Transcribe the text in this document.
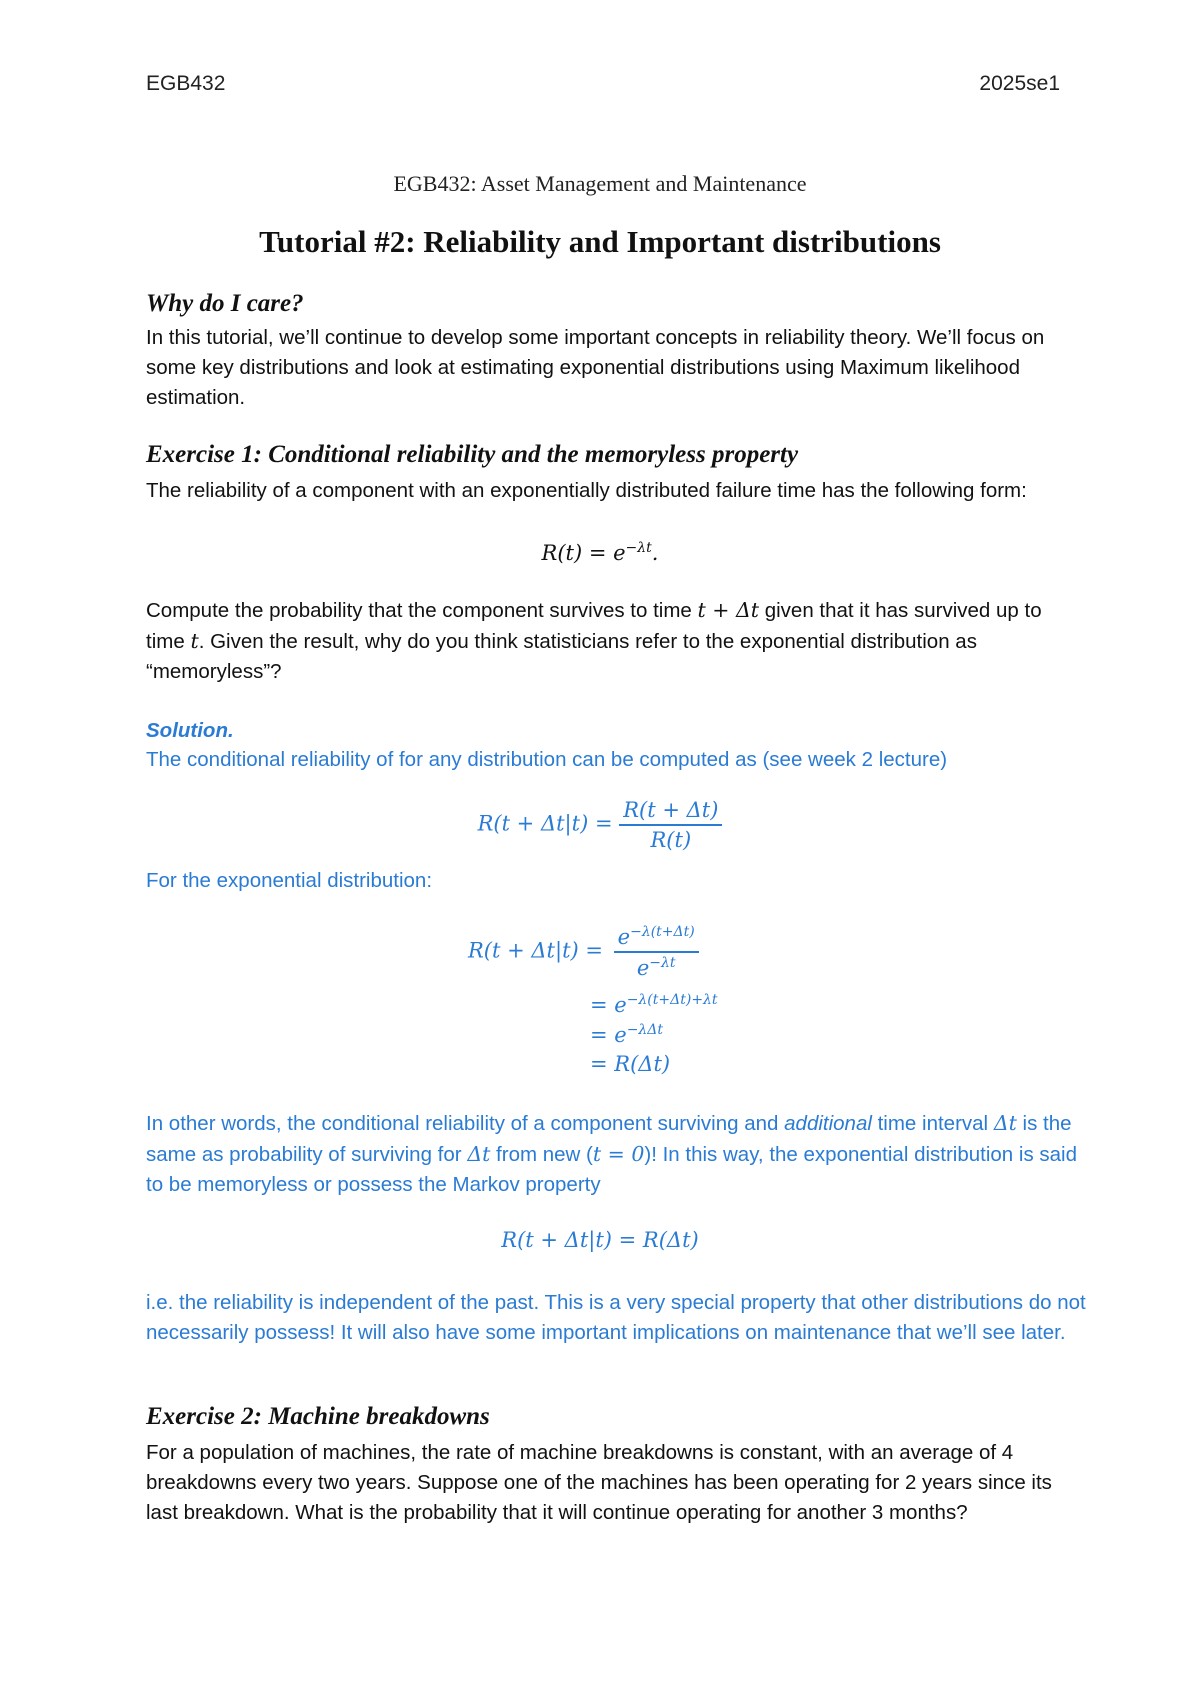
EGB432	2025se1
EGB432: Asset Management and Maintenance
Tutorial #2: Reliability and Important distributions
Why do I care?
In this tutorial, we’ll continue to develop some important concepts in reliability theory. We’ll focus on some key distributions and look at estimating exponential distributions using Maximum likelihood estimation.
Exercise 1: Conditional reliability and the memoryless property
The reliability of a component with an exponentially distributed failure time has the following form:
$R(t) = e^{-\lambda t}$.
Compute the probability that the component survives to time t + Δt given that it has survived up to time t. Given the result, why do you think statisticians refer to the exponential distribution as “memoryless”?
Solution.
The conditional reliability of for any distribution can be computed as (see week 2 lecture)
$R(t + \Delta t|t) = \frac{R(t + \Delta t)}{R(t)}$
For the exponential distribution:
$R(t + \Delta t|t) = \frac{e^{-\lambda(t+\Delta t)}}{e^{-\lambda t}}$
= $e^{-\lambda(t+\Delta t)+\lambda t}$
= $e^{-\lambda\Delta t}$
= R(Δt)
In other words, the conditional reliability of a component surviving and additional time interval Δt is the same as probability of surviving for Δt from new (t = 0)! In this way, the exponential distribution is said to be memoryless or possess the Markov property
R(t + Δt|t) = R(Δt)
i.e. the reliability is independent of the past. This is a very special property that other distributions do not necessarily possess! It will also have some important implications on maintenance that we’ll see later.
Exercise 2: Machine breakdowns
For a population of machines, the rate of machine breakdowns is constant, with an average of 4 breakdowns every two years. Suppose one of the machines has been operating for 2 years since its last breakdown. What is the probability that it will continue operating for another 3 months?
